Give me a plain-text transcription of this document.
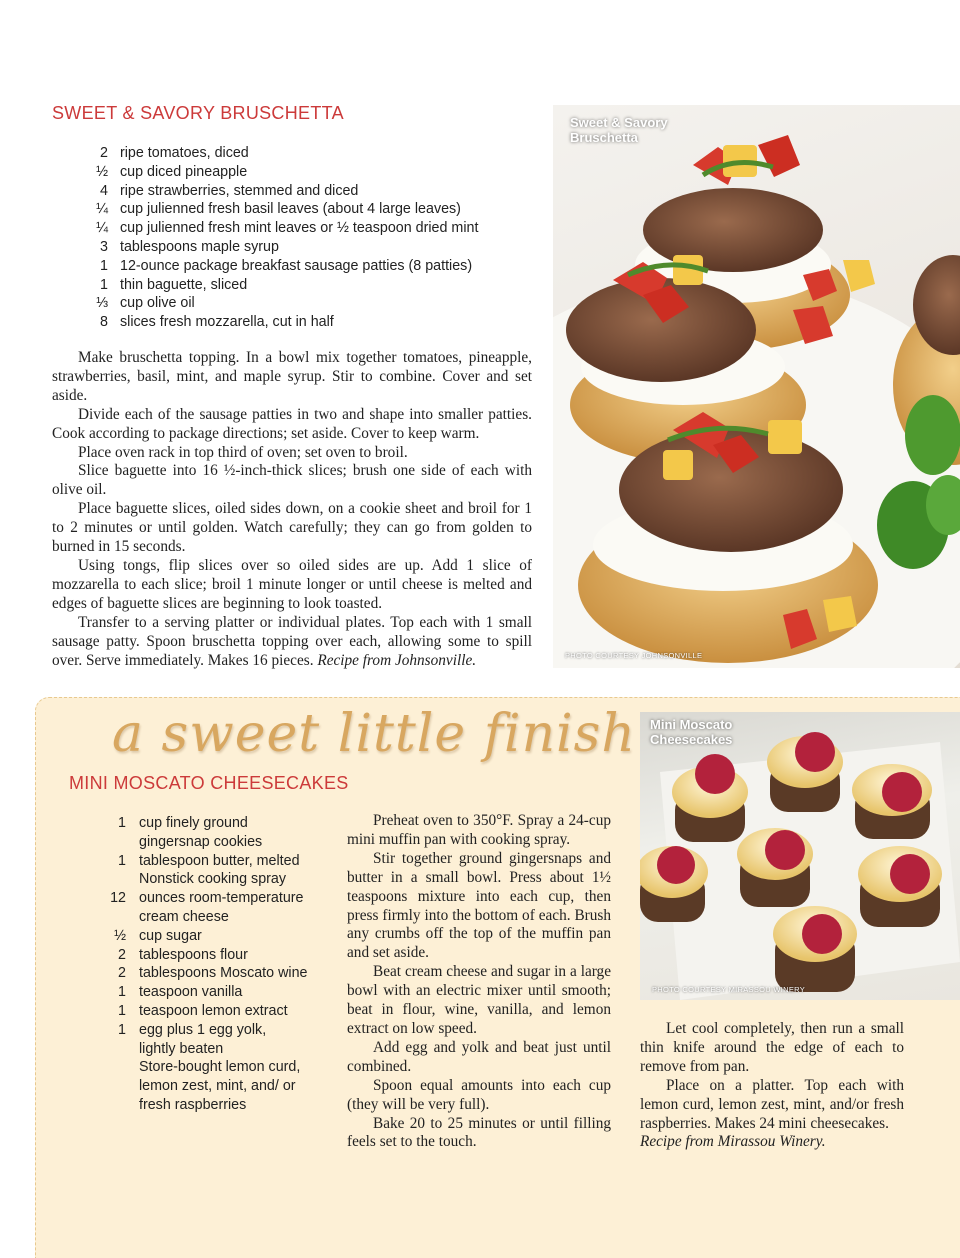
SWEET & SAVORY BRUSCHETTA
2 ripe tomatoes, diced
½ cup diced pineapple
4 ripe strawberries, stemmed and diced
¼ cup julienned fresh basil leaves (about 4 large leaves)
¼ cup julienned fresh mint leaves or ½ teaspoon dried mint
3 tablespoons maple syrup
1 12-ounce package breakfast sausage patties (8 patties)
1 thin baguette, sliced
⅓ cup olive oil
8 slices fresh mozzarella, cut in half

Make bruschetta topping. In a bowl mix together tomatoes, pineapple, strawberries, basil, mint, and maple syrup. Stir to combine. Cover and set aside.

Divide each of the sausage patties in two and shape into smaller patties. Cook according to package directions; set aside. Cover to keep warm.

Place oven rack in top third of oven; set oven to broil.

Slice baguette into 16 ½-inch-thick slices; brush one side of each with olive oil.

Place baguette slices, oiled sides down, on a cookie sheet and broil for 1 to 2 minutes or until golden. Watch carefully; they can go from golden to burned in 15 seconds.

Using tongs, flip slices over so oiled sides are up. Add 1 slice of mozzarella to each slice; broil 1 minute longer or until cheese is melted and edges of baguette slices are beginning to look toasted.

Transfer to a serving platter or individual plates. Top each with 1 small sausage patty. Spoon bruschetta topping over each, allowing some to spill over. Serve immediately. Makes 16 pieces. Recipe from Johnsonville.

Sweet & Savory Bruschetta
PHOTO COURTESY JOHNSONVILLE
a sweet little finish
MINI MOSCATO CHEESECAKES
1 cup finely ground gingersnap cookies
1 tablespoon butter, melted
Nonstick cooking spray
12 ounces room-temperature cream cheese
½ cup sugar
2 tablespoons flour
2 tablespoons Moscato wine
1 teaspoon vanilla
1 teaspoon lemon extract
1 egg plus 1 egg yolk, lightly beaten
Store-bought lemon curd, lemon zest, mint, and/ or fresh raspberries

Preheat oven to 350°F. Spray a 24-cup mini muffin pan with cooking spray.

Stir together ground gingersnaps and butter in a small bowl. Press about 1½ teaspoons mixture into each cup, then press firmly into the bottom of each. Brush any crumbs off the top of the muffin pan and set aside.

Beat cream cheese and sugar in a large bowl with an electric mixer until smooth; beat in flour, wine, vanilla, and lemon extract on low speed.

Add egg and yolk and beat just until combined.

Spoon equal amounts into each cup (they will be very full).

Bake 20 to 25 minutes or until filling feels set to the touch.

Mini Moscato Cheesecakes
PHOTO COURTESY MIRASSOU WINERY

Let cool completely, then run a small thin knife around the edge of each to remove from pan.

Place on a platter. Top each with lemon curd, lemon zest, mint, and/or fresh raspberries. Makes 24 mini cheesecakes.

Recipe from Mirassou Winery.
